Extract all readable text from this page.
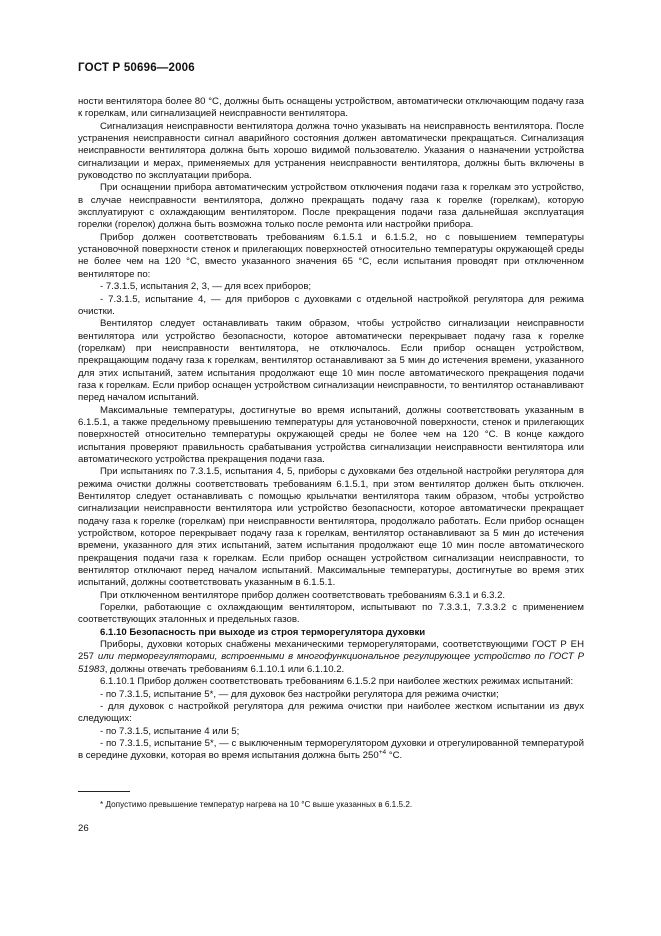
ГОСТ Р 50696—2006

ности вентилятора более 80 °С, должны быть оснащены устройством, автоматически отключающим подачу газа к горелкам, или сигнализацией неисправности вентилятора.

Сигнализация неисправности вентилятора должна точно указывать на неисправность вентилятора. После устранения неисправности сигнал аварийного состояния должен автоматически прекращаться. Сигнализация неисправности вентилятора должна быть хорошо видимой пользователю. Указания о назначении устройства сигнализации и мерах, применяемых для устранения неисправности вентилятора, должны быть включены в руководство по эксплуатации прибора.

При оснащении прибора автоматическим устройством отключения подачи газа к горелкам это устройство, в случае неисправности вентилятора, должно прекращать подачу газа к горелке (горелкам), которую эксплуатируют с охлаждающим вентилятором. После прекращения подачи газа дальнейшая эксплуатация горелки (горелок) должна быть возможна только после ремонта или настройки прибора.

Прибор должен соответствовать требованиям 6.1.5.1 и 6.1.5.2, но с повышением температуры установочной поверхности стенок и прилегающих поверхностей относительно температуры окружающей среды не более чем на 120 °С, вместо указанного значения 65 °С, если испытания проводят при отключенном вентиляторе по:

- 7.3.1.5, испытания 2, 3, — для всех приборов;

- 7.3.1.5, испытание 4, — для приборов с духовками с отдельной настройкой регулятора для режима очистки.

Вентилятор следует останавливать таким образом, чтобы устройство сигнализации неисправности вентилятора или устройство безопасности, которое автоматически перекрывает подачу газа к горелке (горелкам) при неисправности вентилятора, не отключалось. Если прибор оснащен устройством, прекращающим подачу газа к горелкам, вентилятор останавливают за 5 мин до истечения времени, указанного для этих испытаний, затем испытания продолжают еще 10 мин после автоматического прекращения подачи газа к горелкам. Если прибор оснащен устройством сигнализации неисправности, то вентилятор останавливают перед началом испытаний.

Максимальные температуры, достигнутые во время испытаний, должны соответствовать указанным в 6.1.5.1, а также предельному превышению температуры для установочной поверхности, стенок и прилегающих поверхностей относительно температуры окружающей среды не более чем на 120 °С. В конце каждого испытания проверяют правильность срабатывания устройства сигнализации неисправности вентилятора или автоматического устройства прекращения подачи газа.

При испытаниях по 7.3.1.5, испытания 4, 5, приборы с духовками без отдельной настройки регулятора для режима очистки должны соответствовать требованиям 6.1.5.1, при этом вентилятор должен быть отключен. Вентилятор следует останавливать с помощью крыльчатки вентилятора таким образом, чтобы устройство сигнализации неисправности вентилятора или устройство безопасности, которое автоматически прекращает подачу газа к горелке (горелкам) при неисправности вентилятора, продолжало работать. Если прибор оснащен устройством, которое перекрывает подачу газа к горелкам, вентилятор останавливают за 5 мин до истечения времени, указанного для этих испытаний, затем испытания продолжают еще 10 мин после автоматического прекращения подачи газа к горелкам. Если прибор оснащен устройством сигнализации неисправности, то вентилятор отключают перед началом испытаний. Максимальные температуры, достигнутые во время этих испытаний, должны соответствовать указанным в 6.1.5.1.

При отключенном вентиляторе прибор должен соответствовать требованиям 6.3.1 и 6.3.2.

Горелки, работающие с охлаждающим вентилятором, испытывают по 7.3.3.1, 7.3.3.2 с применением соответствующих эталонных и предельных газов.

6.1.10 Безопасность при выходе из строя терморегулятора духовки

Приборы, духовки которых снабжены механическими терморегуляторами, соответствующими ГОСТ Р ЕН 257 или терморегуляторами, встроенными в многофункциональное регулирующее устройство по ГОСТ Р 51983, должны отвечать требованиям 6.1.10.1 или 6.1.10.2.

6.1.10.1 Прибор должен соответствовать требованиям 6.1.5.2 при наиболее жестких режимах испытаний:

- по 7.3.1.5, испытание 5*, — для духовок без настройки регулятора для режима очистки;

- для духовок с настройкой регулятора для режима очистки при наиболее жестком испытании из двух следующих:

- по 7.3.1.5, испытание 4 или 5;

- по 7.3.1.5, испытание 5*, — с выключенным терморегулятором духовки и отрегулированной температурой в середине духовки, которая во время испытания должна быть $250^{+4}$ °С.

* Допустимо превышение температур нагрева на 10 °С выше указанных в 6.1.5.2.
26
